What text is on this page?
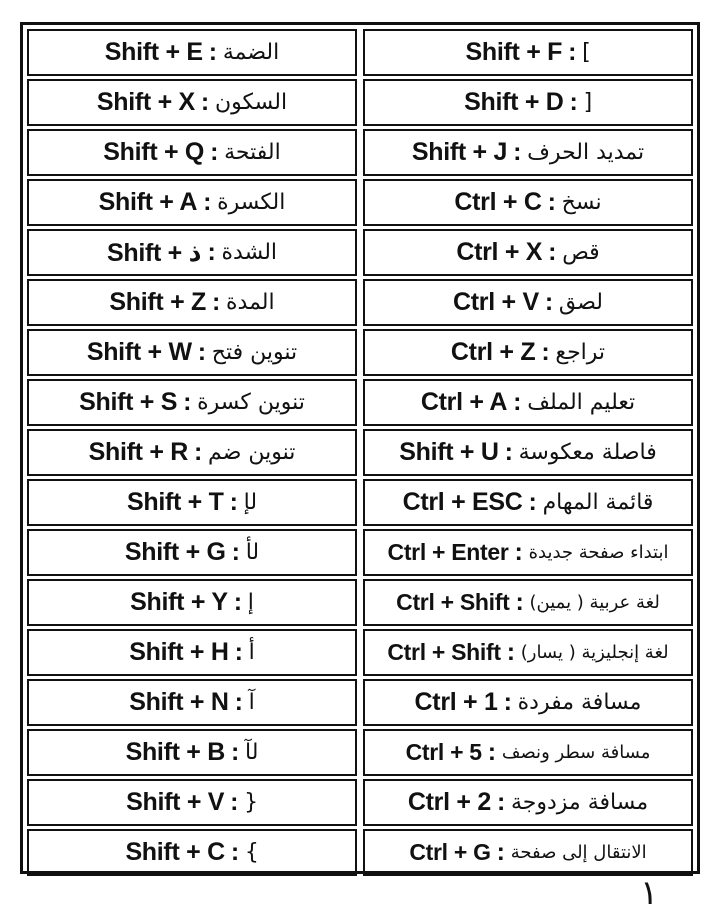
Shift + E : الضمة
Shift + X : السكون
Shift + Q : الفتحة
Shift + A : الكسرة
Shift + ذ : الشدة
Shift + Z : المدة
Shift + W : تنوين فتح
Shift + S : تنوين كسرة
Shift + R : تنوين ضم
Shift + T : لإ
Shift + G : لأ
Shift + Y : إ
Shift + H : أ
Shift + N : آ
Shift + B : لآ
Shift + V : {
Shift + C : }
Shift + F : ]
Shift + D : [
Shift + J : تمديد الحرف
Ctrl + C : نسخ
Ctrl + X : قص
Ctrl + V : لصق
Ctrl + Z : تراجع
Ctrl + A : تعليم الملف
Shift + U : فاصلة معكوسة
Ctrl + ESC : قائمة المهام
Ctrl + Enter : ابتداء صفحة جديدة
Ctrl + Shift : لغة عربية ( يمين)
Ctrl + Shift : لغة إنجليزية ( يسار)
Ctrl + 1 : مسافة مفردة
Ctrl + 5 : مسافة سطر ونصف
Ctrl + 2 : مسافة مزدوجة
Ctrl + G : الانتقال إلى صفحة
١
